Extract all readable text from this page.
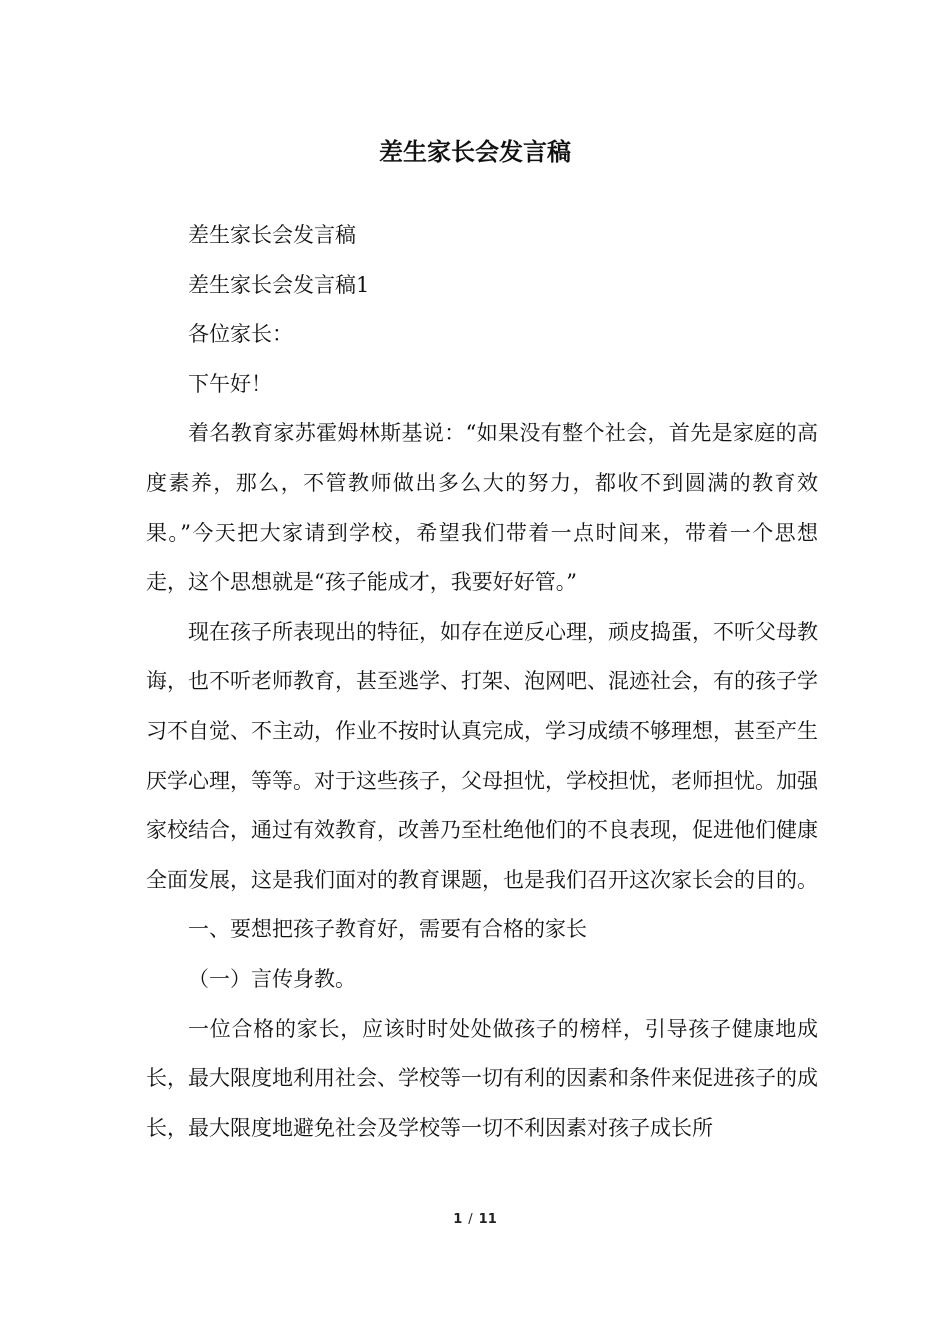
差生家长会发言稿

差生家长会发言稿

差生家长会发言稿1

各位家长：

下午好！

着名教育家苏霍姆林斯基说：“如果没有整个社会，首先是家庭的高度素养，那么，不管教师做出多么大的努力，都收不到圆满的教育效果。”今天把大家请到学校，希望我们带着一点时间来，带着一个思想走，这个思想就是“孩子能成才，我要好好管。”

现在孩子所表现出的特征，如存在逆反心理，顽皮捣蛋，不听父母教诲，也不听老师教育，甚至逃学、打架、泡网吧、混迹社会，有的孩子学习不自觉、不主动，作业不按时认真完成，学习成绩不够理想，甚至产生厌学心理，等等。对于这些孩子，父母担忧，学校担忧，老师担忧。加强家校结合，通过有效教育，改善乃至杜绝他们的不良表现，促进他们健康全面发展，这是我们面对的教育课题，也是我们召开这次家长会的目的。

一、要想把孩子教育好，需要有合格的家长

（一）言传身教。

一位合格的家长，应该时时处处做孩子的榜样，引导孩子健康地成长，最大限度地利用社会、学校等一切有利的因素和条件来促进孩子的成长，最大限度地避免社会及学校等一切不利因素对孩子成长所

1 / 11
